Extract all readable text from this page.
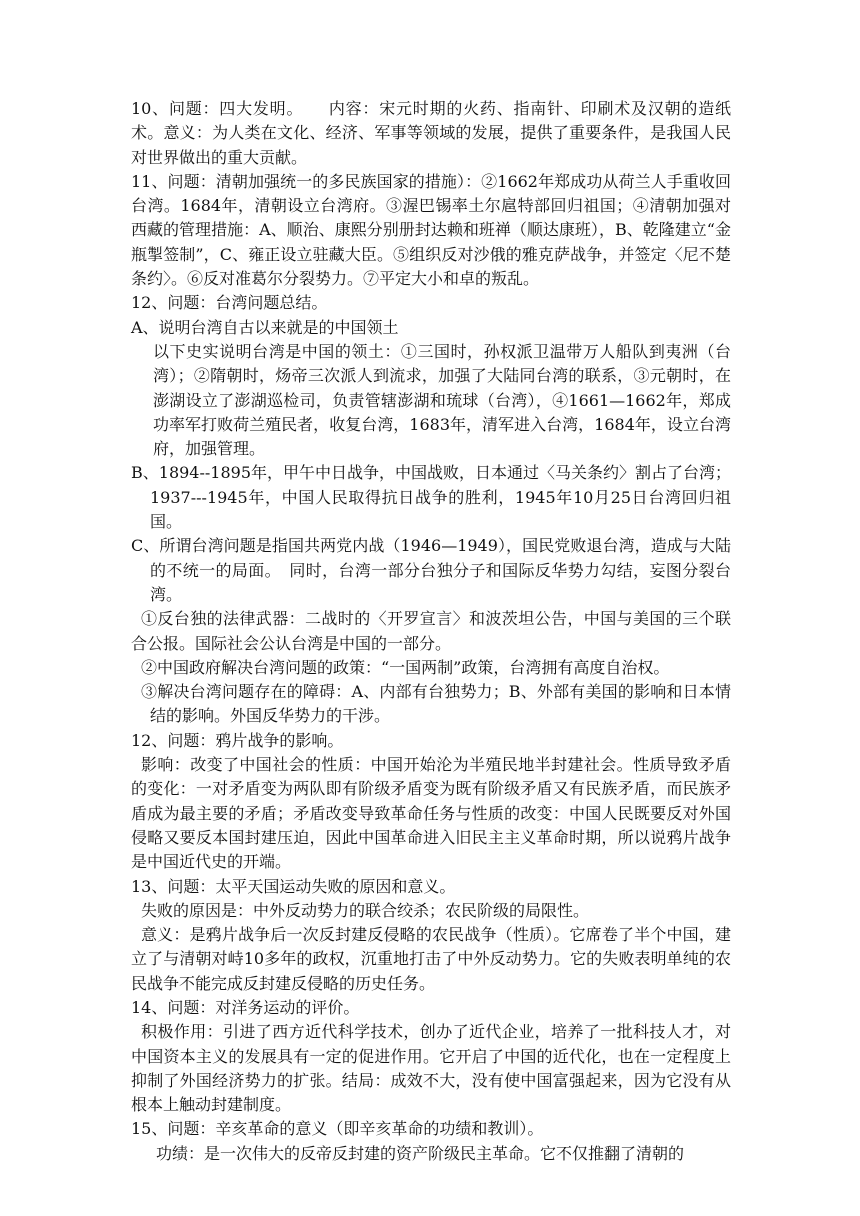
10、问题：四大发明。　　内容：宋元时期的火药、指南针、印刷术及汉朝的造纸术。意义：为人类在文化、经济、军事等领域的发展，提供了重要条件，是我国人民对世界做出的重大贡献。

11、问题：清朝加强统一的多民族国家的措施）：②1662年郑成功从荷兰人手重收回台湾。1684年，清朝设立台湾府。③渥巴锡率土尔扈特部回归祖国；④清朝加强对西藏的管理措施：A、顺治、康熙分别册封达赖和班禅（顺达康班），B、乾隆建立“金瓶掣签制”，C、雍正设立驻藏大臣。⑤组织反对沙俄的雅克萨战争，并签定〈尼不楚条约〉。⑥反对准葛尔分裂势力。⑦平定大小和卓的叛乱。

12、问题：台湾问题总结。

A、说明台湾自古以来就是的中国领土

以下史实说明台湾是中国的领土：①三国时，孙权派卫温带万人船队到夷洲（台湾）；②隋朝时，炀帝三次派人到流求，加强了大陆同台湾的联系，③元朝时，在澎湖设立了澎湖巡检司，负责管辖澎湖和琉球（台湾），④1661—1662年，郑成功率军打败荷兰殖民者，收复台湾，1683年，清军进入台湾，1684年，设立台湾府，加强管理。

B、1894--1895年，甲午中日战争，中国战败，日本通过〈马关条约〉割占了台湾；1937---1945年，中国人民取得抗日战争的胜利，1945年10月25日台湾回归祖国。

C、所谓台湾问题是指国共两党内战（1946—1949），国民党败退台湾，造成与大陆的不统一的局面。　同时，台湾一部分台独分子和国际反华势力勾结，妄图分裂台湾。

①反台独的法律武器：二战时的〈开罗宣言〉和波茨坦公告，中国与美国的三个联合公报。国际社会公认台湾是中国的一部分。

②中国政府解决台湾问题的政策：“一国两制”政策，台湾拥有高度自治权。

③解决台湾问题存在的障碍：A、内部有台独势力；B、外部有美国的影响和日本情结的影响。外国反华势力的干涉。

12、问题：鸦片战争的影响。

影响：改变了中国社会的性质：中国开始沦为半殖民地半封建社会。性质导致矛盾的变化：一对矛盾变为两队即有阶级矛盾变为既有阶级矛盾又有民族矛盾，而民族矛盾成为最主要的矛盾；矛盾改变导致革命任务与性质的改变：中国人民既要反对外国侵略又要反本国封建压迫，因此中国革命进入旧民主主义革命时期，所以说鸦片战争是中国近代史的开端。

13、问题：太平天国运动失败的原因和意义。

失败的原因是：中外反动势力的联合绞杀；农民阶级的局限性。

意义：是鸦片战争后一次反封建反侵略的农民战争（性质）。它席卷了半个中国，建立了与清朝对峙10多年的政权，沉重地打击了中外反动势力。它的失败表明单纯的农民战争不能完成反封建反侵略的历史任务。

14、问题：对洋务运动的评价。

积极作用：引进了西方近代科学技术，创办了近代企业，培养了一批科技人才，对中国资本主义的发展具有一定的促进作用。它开启了中国的近代化，也在一定程度上抑制了外国经济势力的扩张。结局：成效不大，没有使中国富强起来，因为它没有从根本上触动封建制度。

15、问题：辛亥革命的意义（即辛亥革命的功绩和教训）。

功绩：是一次伟大的反帝反封建的资产阶级民主革命。它不仅推翻了清朝的
